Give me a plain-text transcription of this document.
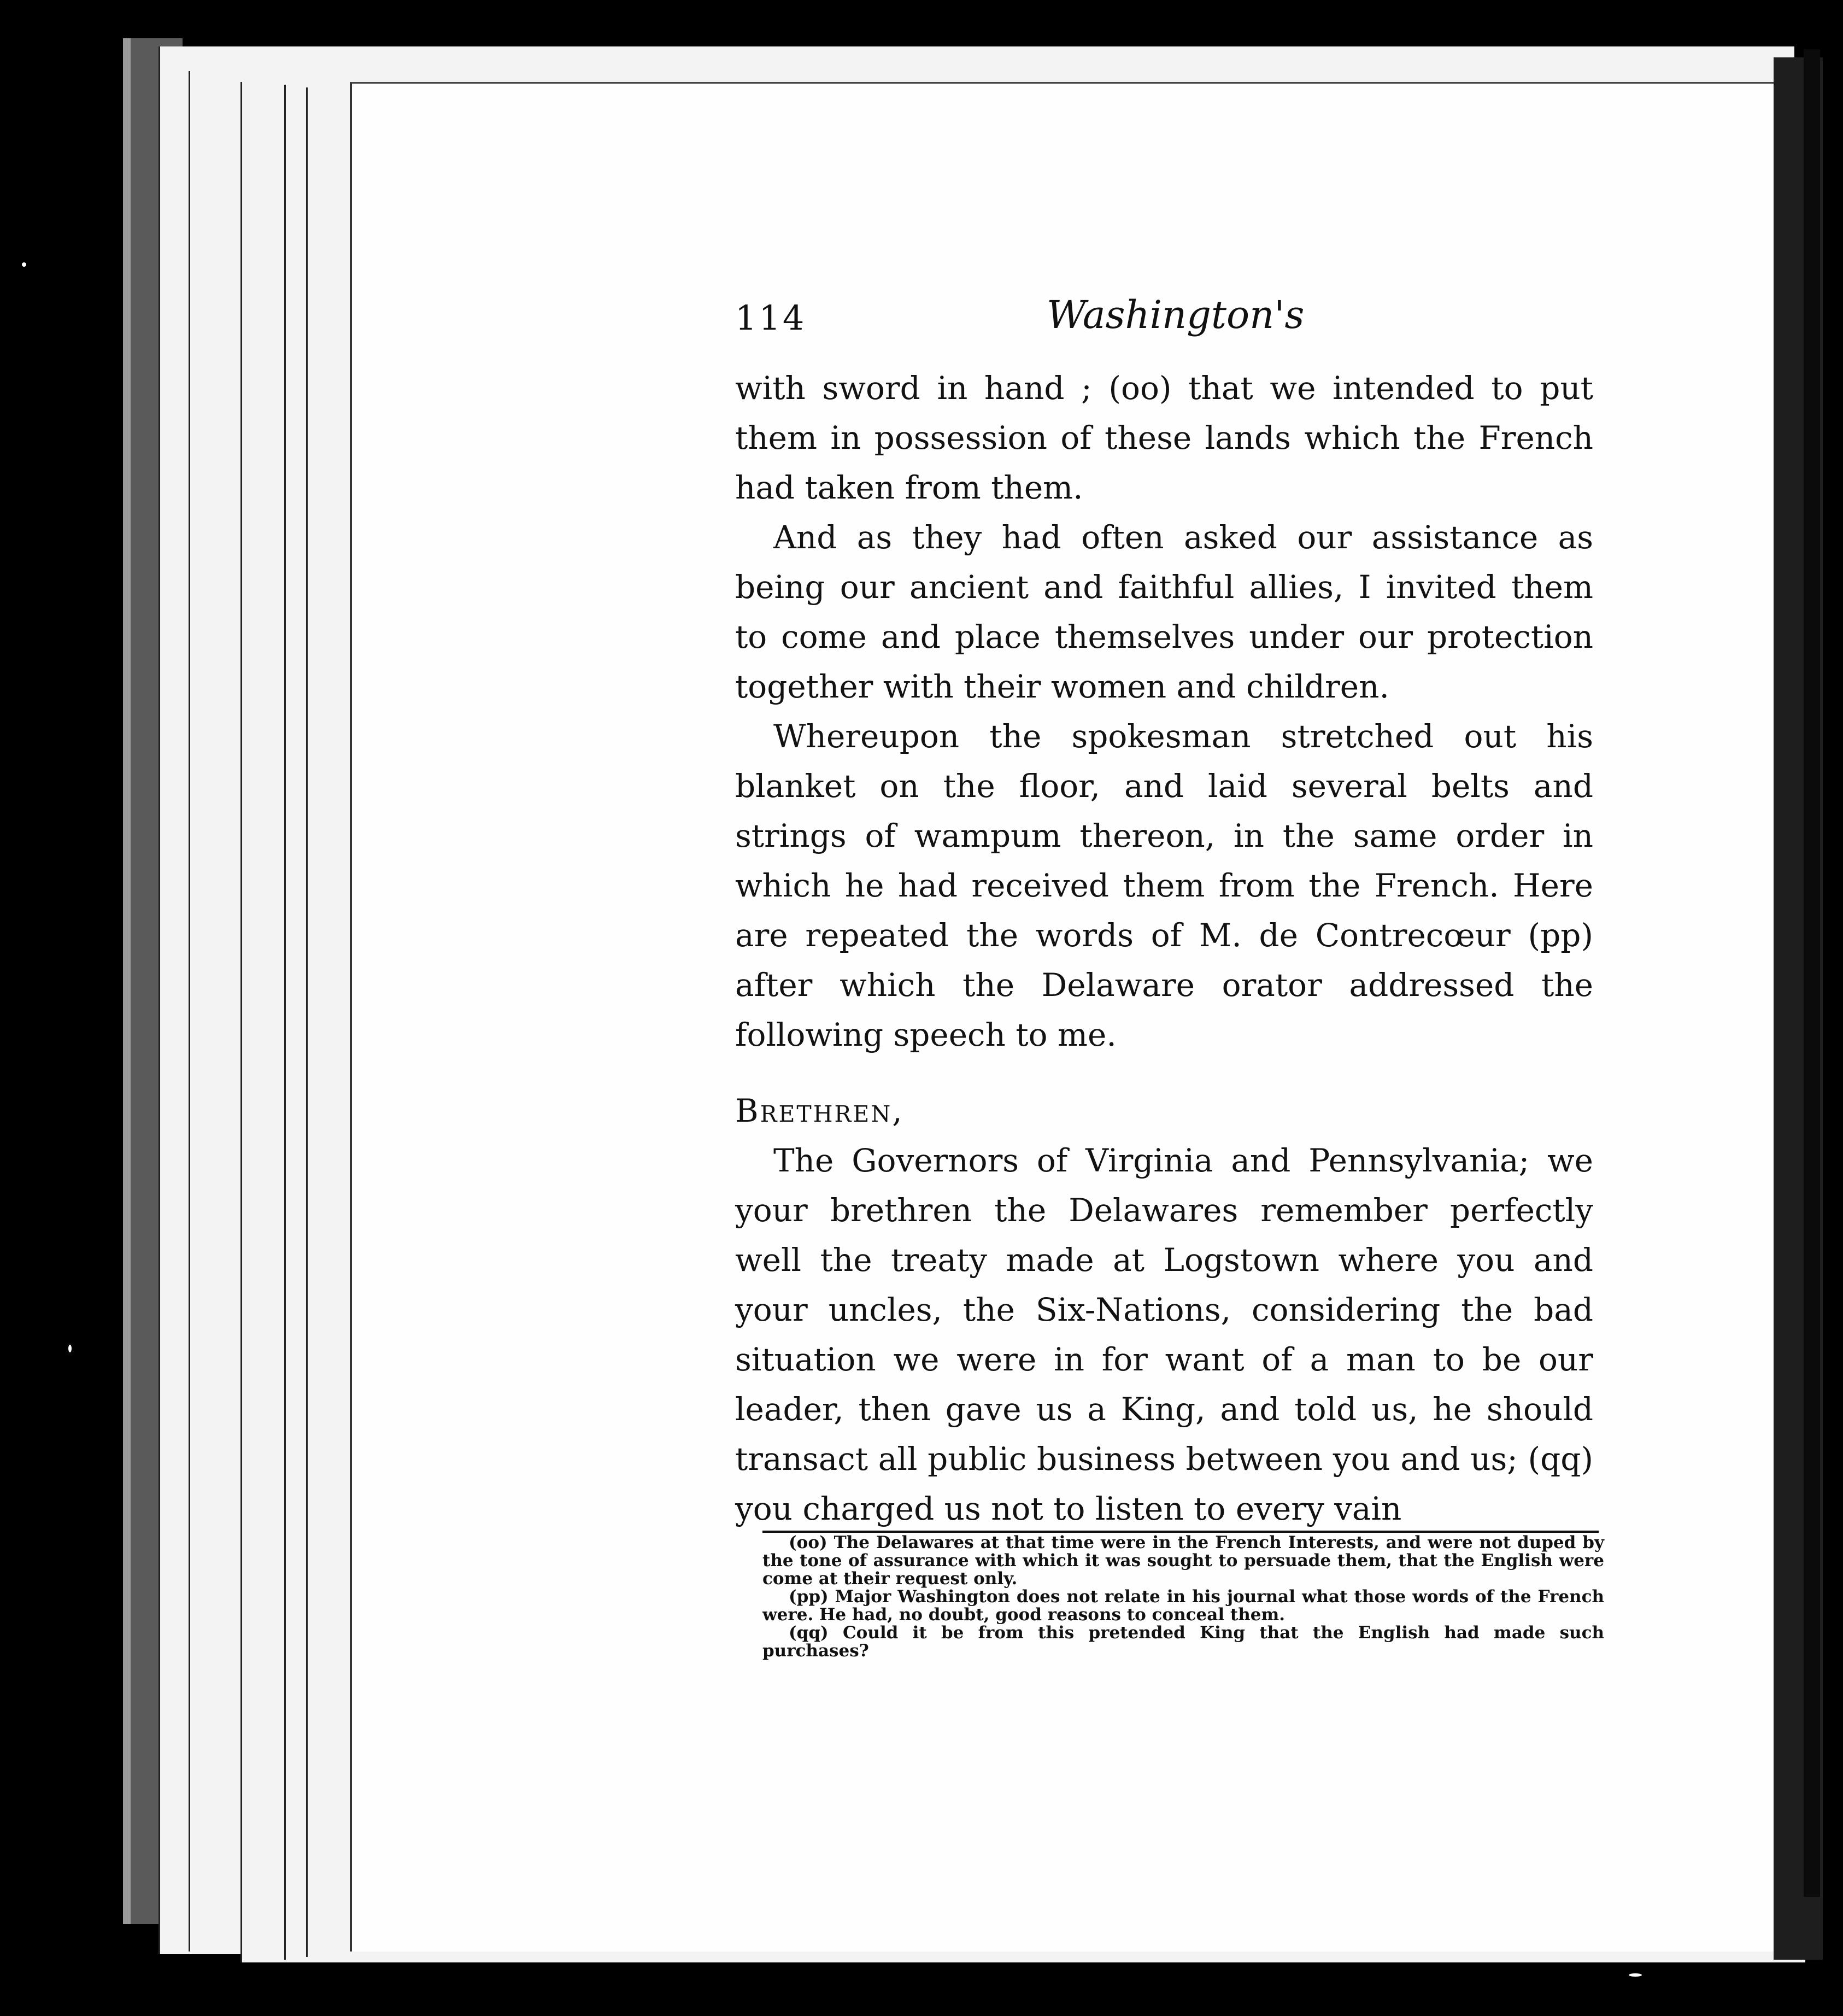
114	Washington's

with sword in hand ; (oo) that we intended to put them in possession of these lands which the French had taken from them.

And as they had often asked our assistance as being our ancient and faithful allies, I invited them to come and place themselves under our protection together with their women and children.

Whereupon the spokesman stretched out his blanket on the floor, and laid several belts and strings of wampum thereon, in the same order in which he had received them from the French. Here are repeated the words of M. de Contrecœur (pp) after which the Delaware orator addressed the following speech to me.

Brethren,

The Governors of Virginia and Pennsylvania; we your brethren the Delawares remember perfectly well the treaty made at Logstown where you and your uncles, the Six-Nations, considering the bad situation we were in for want of a man to be our leader, then gave us a King, and told us, he should transact all public business between you and us; (qq) you charged us not to listen to every vain

(oo) The Delawares at that time were in the French Interests, and were not duped by the tone of assurance with which it was sought to persuade them, that the English were come at their request only.

(pp) Major Washington does not relate in his journal what those words of the French were. He had, no doubt, good reasons to conceal them.

(qq) Could it be from this pretended King that the English had made such purchases?
